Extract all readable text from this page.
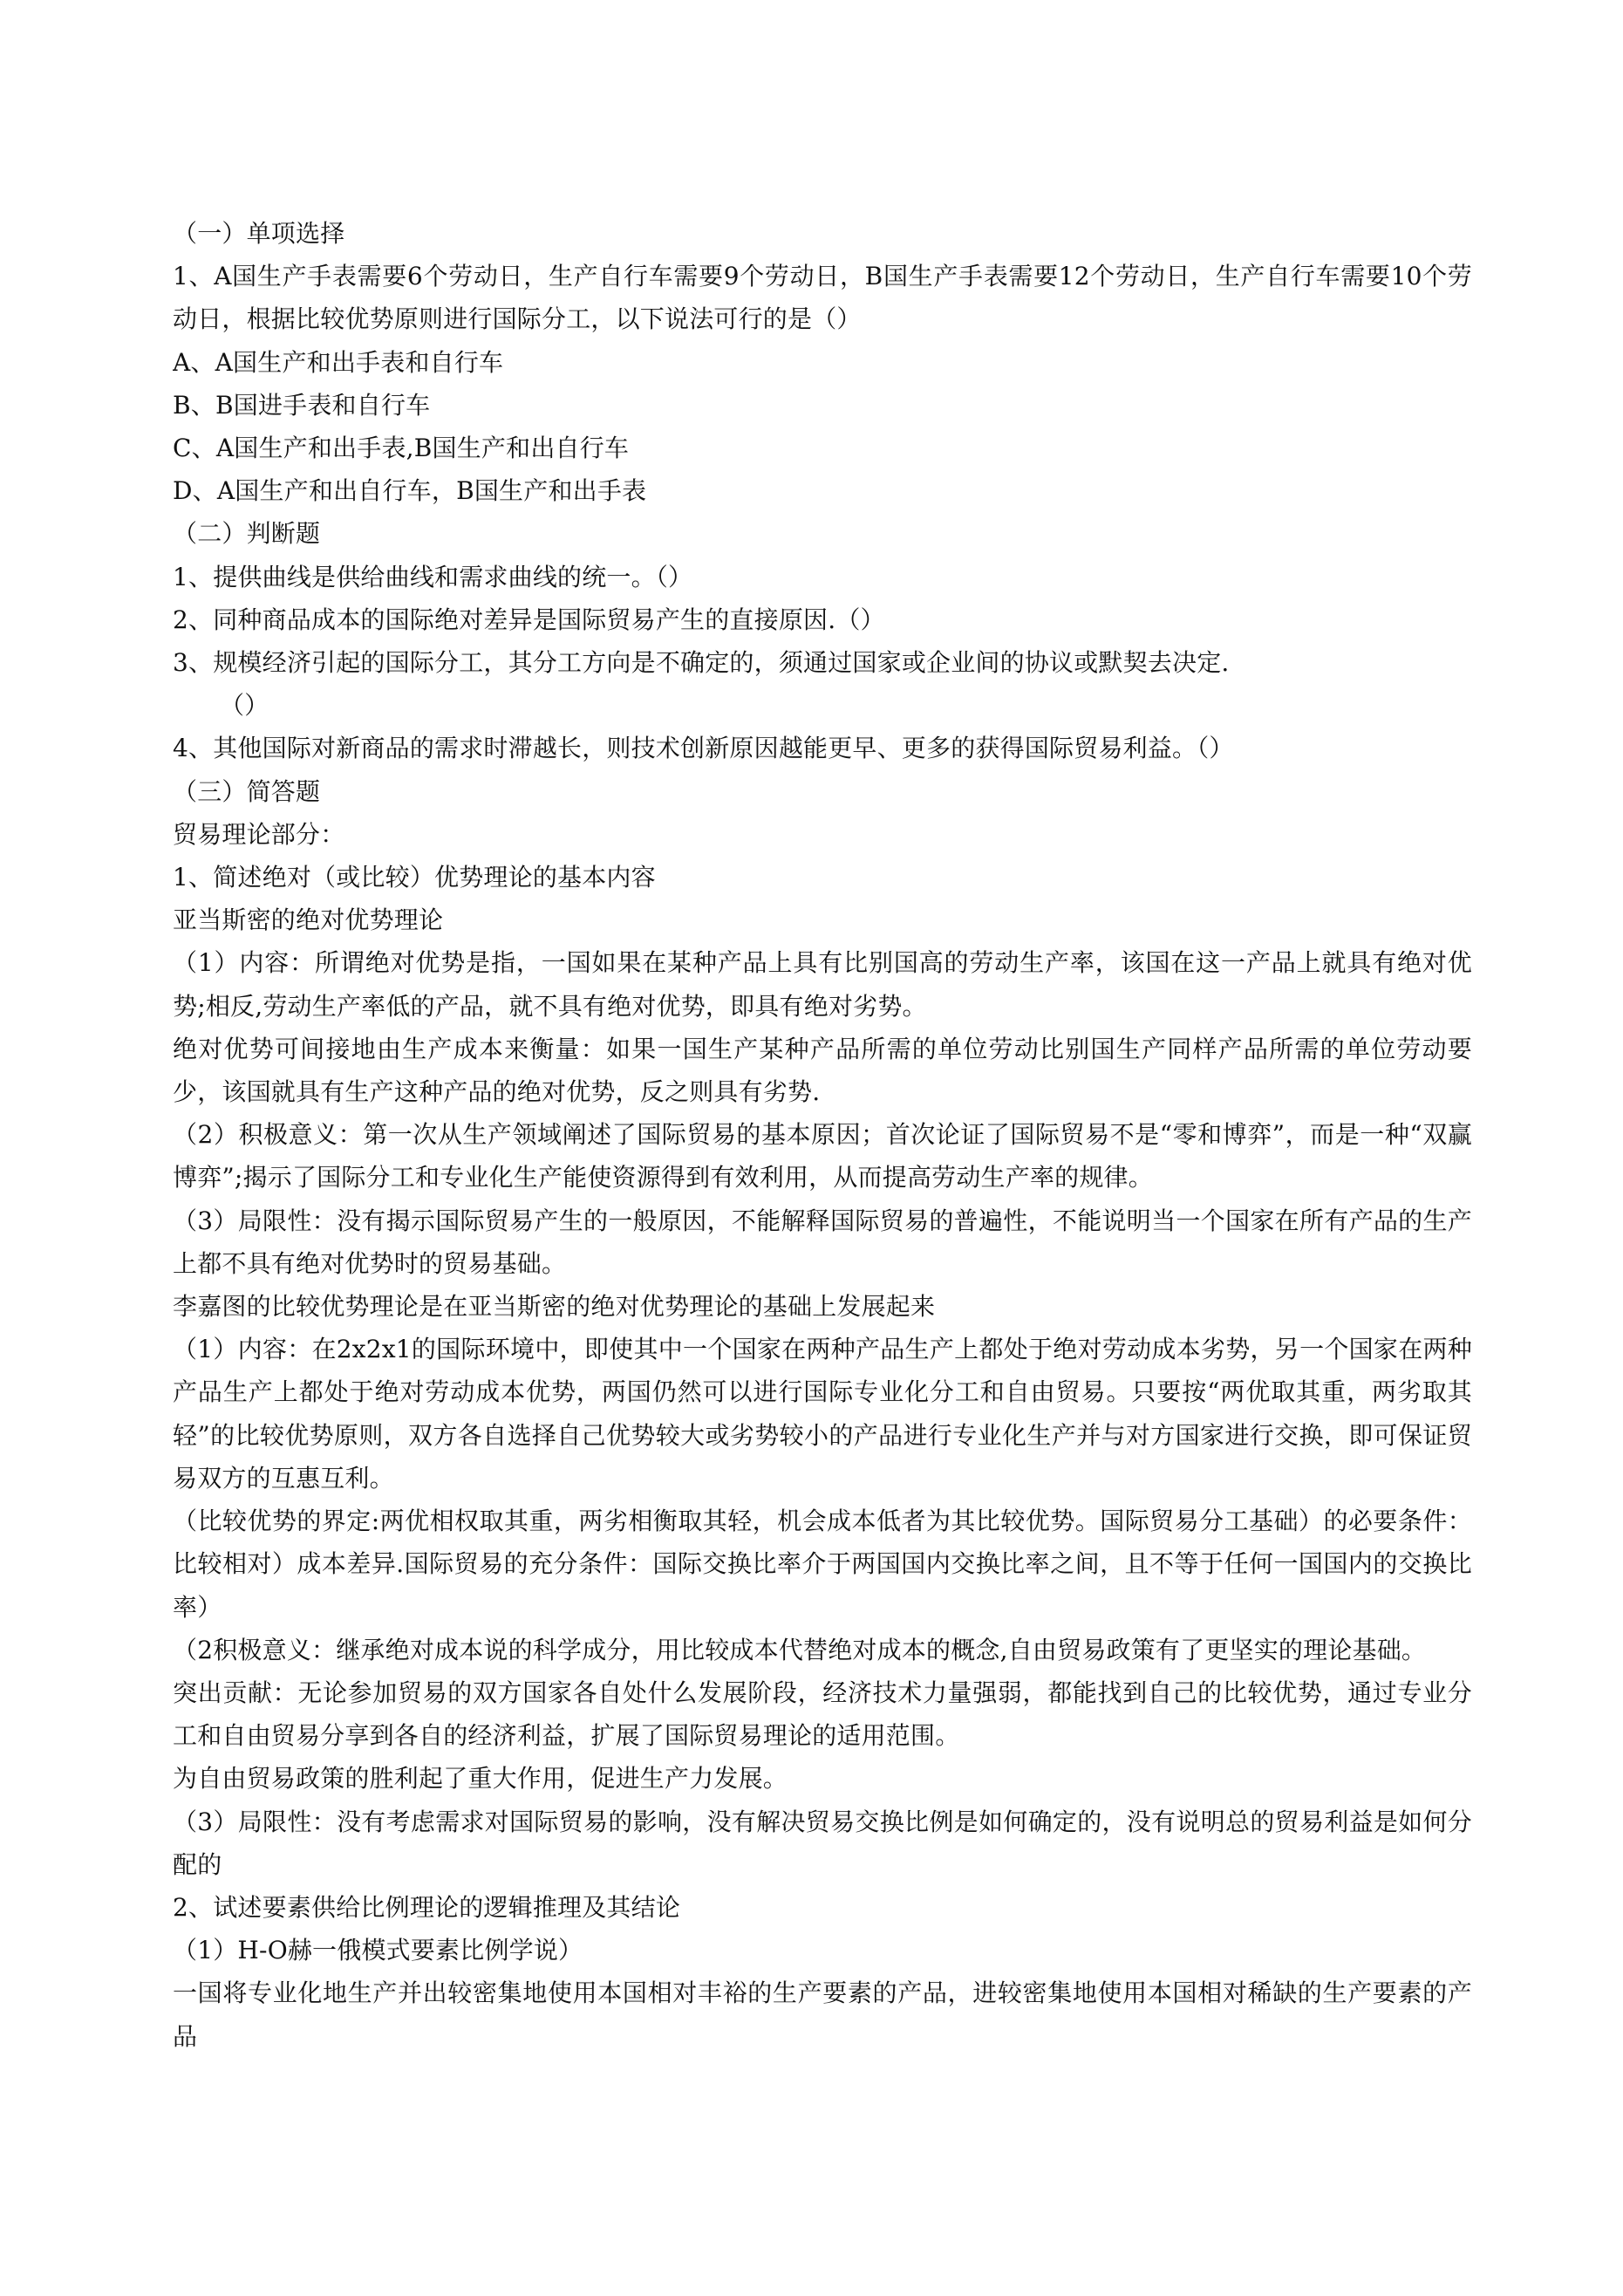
（一）单项选择
1、A国生产手表需要6个劳动日，生产自行车需要9个劳动日，B国生产手表需要12个劳动日，生产自行车需要10个劳动日，根据比较优势原则进行国际分工，以下说法可行的是（）
A、A国生产和出手表和自行车
B、B国进手表和自行车
C、A国生产和出手表,B国生产和出自行车
D、A国生产和出自行车，B国生产和出手表
（二）判断题
1、提供曲线是供给曲线和需求曲线的统一。（）
2、同种商品成本的国际绝对差异是国际贸易产生的直接原因.（）
3、规模经济引起的国际分工，其分工方向是不确定的，须通过国家或企业间的协议或默契去决定.
（）
4、其他国际对新商品的需求时滞越长，则技术创新原因越能更早、更多的获得国际贸易利益。（）
（三）简答题
贸易理论部分：
1、简述绝对（或比较）优势理论的基本内容
亚当斯密的绝对优势理论
（1）内容：所谓绝对优势是指，一国如果在某种产品上具有比别国高的劳动生产率，该国在这一产品上就具有绝对优势;相反,劳动生产率低的产品，就不具有绝对优势，即具有绝对劣势。
绝对优势可间接地由生产成本来衡量：如果一国生产某种产品所需的单位劳动比别国生产同样产品所需的单位劳动要少，该国就具有生产这种产品的绝对优势，反之则具有劣势.
（2）积极意义：第一次从生产领域阐述了国际贸易的基本原因；首次论证了国际贸易不是“零和博弈”，而是一种“双赢博弈”;揭示了国际分工和专业化生产能使资源得到有效利用，从而提高劳动生产率的规律。
（3）局限性：没有揭示国际贸易产生的一般原因，不能解释国际贸易的普遍性，不能说明当一个国家在所有产品的生产上都不具有绝对优势时的贸易基础。
李嘉图的比较优势理论是在亚当斯密的绝对优势理论的基础上发展起来
（1）内容：在2x2x1的国际环境中，即使其中一个国家在两种产品生产上都处于绝对劳动成本劣势，另一个国家在两种产品生产上都处于绝对劳动成本优势，两国仍然可以进行国际专业化分工和自由贸易。只要按“两优取其重，两劣取其轻”的比较优势原则，双方各自选择自己优势较大或劣势较小的产品进行专业化生产并与对方国家进行交换，即可保证贸易双方的互惠互利。
（比较优势的界定:两优相权取其重，两劣相衡取其轻，机会成本低者为其比较优势。国际贸易分工基础）的必要条件：比较相对）成本差异.国际贸易的充分条件：国际交换比率介于两国国内交换比率之间，且不等于任何一国国内的交换比率）
（2积极意义：继承绝对成本说的科学成分，用比较成本代替绝对成本的概念,自由贸易政策有了更坚实的理论基础。
突出贡献：无论参加贸易的双方国家各自处什么发展阶段，经济技术力量强弱，都能找到自己的比较优势，通过专业分工和自由贸易分享到各自的经济利益，扩展了国际贸易理论的适用范围。
为自由贸易政策的胜利起了重大作用，促进生产力发展。
（3）局限性：没有考虑需求对国际贸易的影响，没有解决贸易交换比例是如何确定的，没有说明总的贸易利益是如何分配的
2、试述要素供给比例理论的逻辑推理及其结论
（1）H-O赫一俄模式要素比例学说）
一国将专业化地生产并出较密集地使用本国相对丰裕的生产要素的产品，进较密集地使用本国相对稀缺的生产要素的产品
